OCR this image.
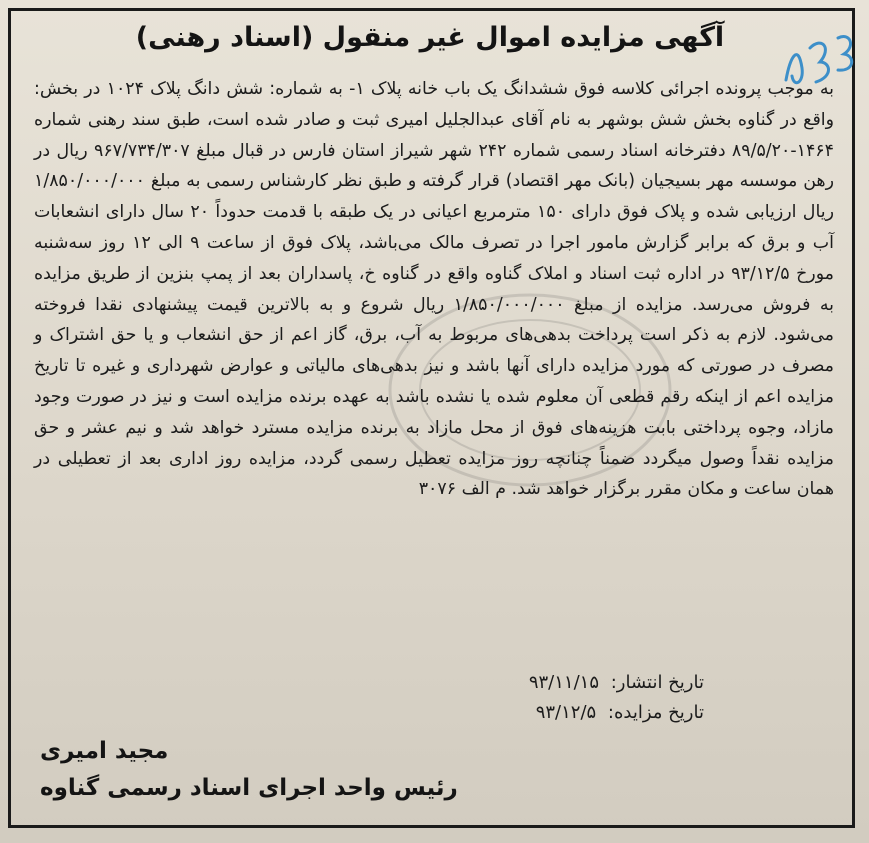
آگهی مزایده اموال غیر منقول (اسناد رهنی)

به موجب پرونده اجرائی کلاسه فوق ششدانگ یک باب خانه پلاک ۱- به شماره: شش دانگ پلاک ۱۰۲۴ در بخش: واقع در گناوه بخش شش بوشهر به نام آقای عبدالجلیل امیری ثبت و صادر شده است، طبق سند رهنی شماره ۱۴۶۴-۸۹/۵/۲۰ دفترخانه اسناد رسمی شماره ۲۴۲ شهر شیراز استان فارس در قبال مبلغ ۹۶۷/۷۳۴/۳۰۷ ریال در رهن موسسه مهر بسیجیان (بانک مهر اقتصاد) قرار گرفته و طبق نظر کارشناس رسمی به مبلغ ۱/۸۵۰/۰۰۰/۰۰۰ ریال ارزیابی شده و پلاک فوق دارای ۱۵۰ مترمربع اعیانی در یک طبقه با قدمت حدوداً ۲۰ سال دارای انشعابات آب و برق که برابر گزارش مامور اجرا در تصرف مالک می‌باشد، پلاک فوق از ساعت ۹ الی ۱۲ روز سه‌شنبه مورخ ۹۳/۱۲/۵ در اداره ثبت اسناد و املاک گناوه واقع در گناوه خ، پاسداران بعد از پمپ بنزین از طریق مزایده به فروش می‌رسد. مزایده از مبلغ ۱/۸۵۰/۰۰۰/۰۰۰ ریال شروع و به بالاترین قیمت پیشنهادی نقدا فروخته می‌شود. لازم به ذکر است پرداخت بدهی‌های مربوط به آب، برق، گاز اعم از حق انشعاب و یا حق اشتراک و مصرف در صورتی که مورد مزایده دارای آنها باشد و نیز بدهی‌های مالیاتی و عوارض شهرداری و غیره تا تاریخ مزایده اعم از اینکه رقم قطعی آن معلوم شده یا نشده باشد به عهده برنده مزایده است و نیز در صورت وجود مازاد، وجوه پرداختی بابت هزینه‌های فوق از محل مازاد به برنده مزایده مسترد خواهد شد و نیم عشر و حق مزایده نقداً وصول میگردد ضمناً چنانچه روز مزایده تعطیل رسمی گردد، مزایده روز اداری بعد از تعطیلی در همان ساعت و مکان مقرر برگزار خواهد شد. م الف ۳۰۷۶

تاریخ انتشار: ۹۳/۱۱/۱۵
تاریخ مزایده: ۹۳/۱۲/۵
مجید امیری
رئیس واحد اجرای اسناد رسمی گناوه
